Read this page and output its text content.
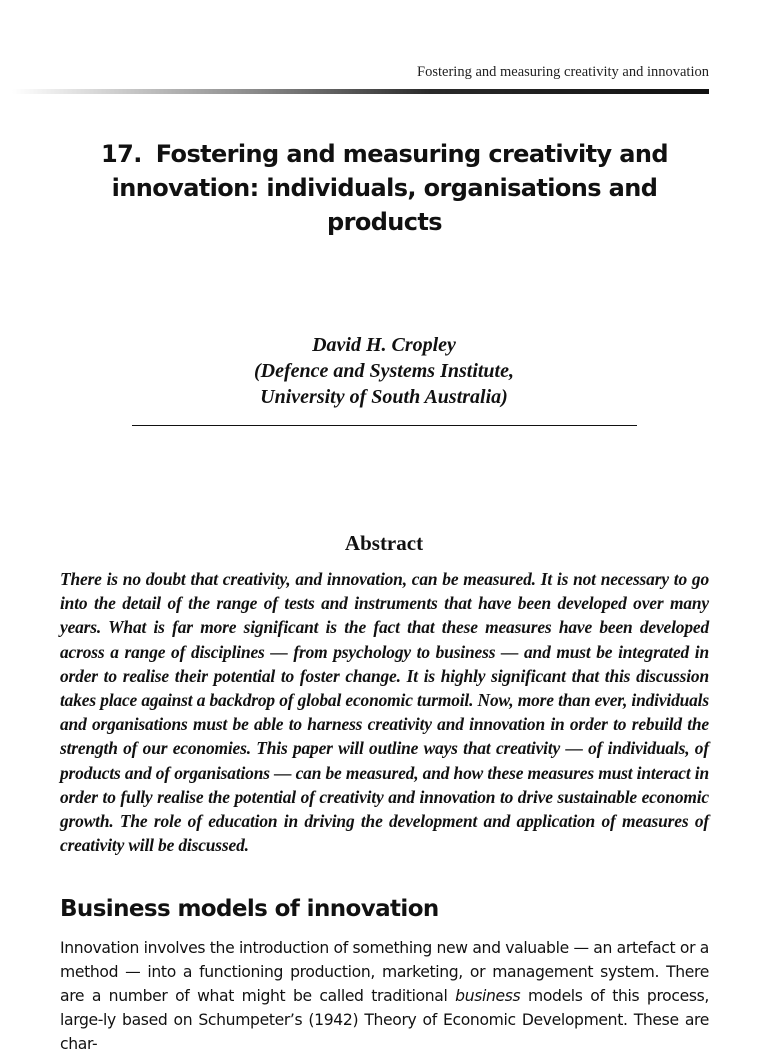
Fostering and measuring creativity and innovation
17. Fostering and measuring creativity and innovation: individuals, organisations and products
David H. Cropley
(Defence and Systems Institute,
University of South Australia)
Abstract

There is no doubt that creativity, and innovation, can be measured. It is not necessary to go into the detail of the range of tests and instruments that have been developed over many years. What is far more significant is the fact that these measures have been developed across a range of disciplines — from psychology to business — and must be integrated in order to realise their potential to foster change. It is highly significant that this discussion takes place against a backdrop of global economic turmoil. Now, more than ever, individuals and organisations must be able to harness creativity and innovation in order to rebuild the strength of our economies. This paper will outline ways that creativity — of individuals, of products and of organisations — can be measured, and how these measures must interact in order to fully realise the potential of creativity and innovation to drive sustainable economic growth. The role of education in driving the development and application of measures of creativity will be discussed.

Business models of innovation

Innovation involves the introduction of something new and valuable — an artefact or a method — into a functioning production, marketing, or management system. There are a number of what might be called traditional business models of this process, large-ly based on Schumpeter’s (1942) Theory of Economic Development. These are char-
